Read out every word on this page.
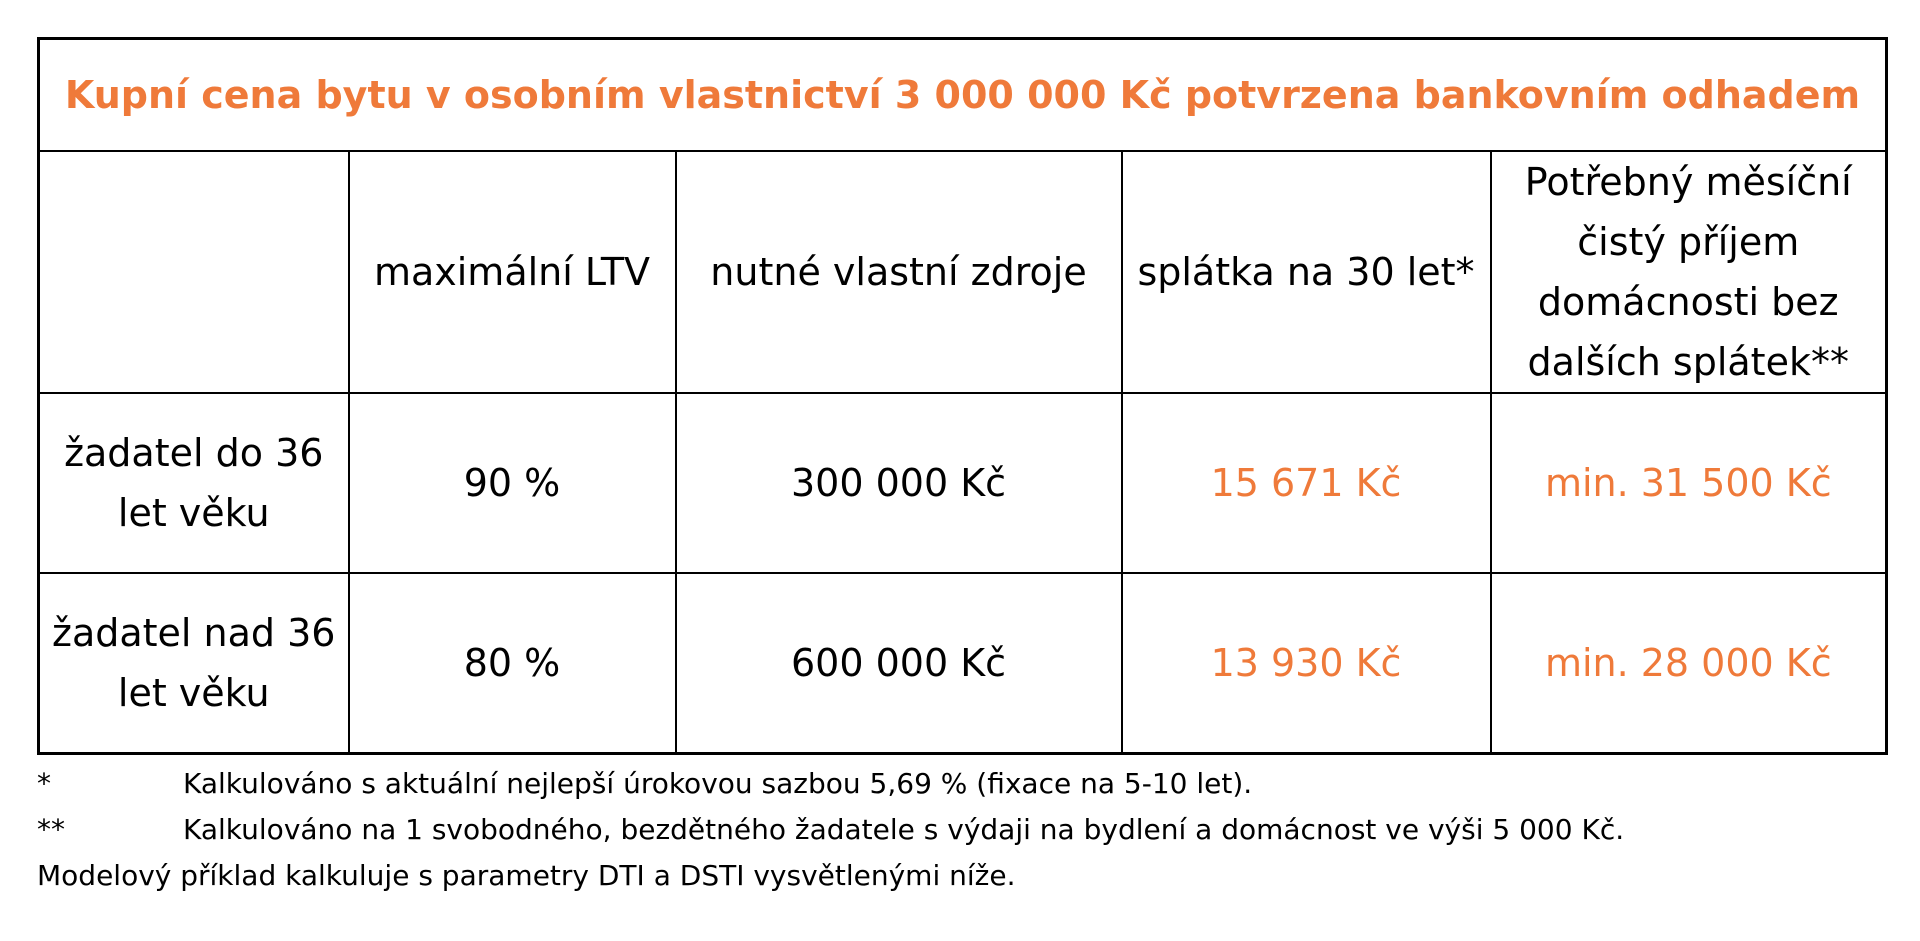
Kupní cena bytu v osobním vlastnictví 3 000 000 Kč potvrzena bankovním odhadem				
	maximální LTV	nutné vlastní zdroje	splátka na 30 let*	Potřebný měsíční čistý příjem domácnosti bez dalších splátek**
žadatel do 36 let věku	90 %	300 000 Kč	15 671 Kč	min. 31 500 Kč
žadatel nad 36 let věku	80 %	600 000 Kč	13 930 Kč	min. 28 000 Kč
*	Kalkulováno s aktuální nejlepší úrokovou sazbou 5,69 % (fixace na 5-10 let).
**	Kalkulováno na 1 svobodného, bezdětného žadatele s výdaji na bydlení a domácnost ve výši 5 000 Kč.
Modelový příklad kalkuluje s parametry DTI a DSTI vysvětlenými níže.
